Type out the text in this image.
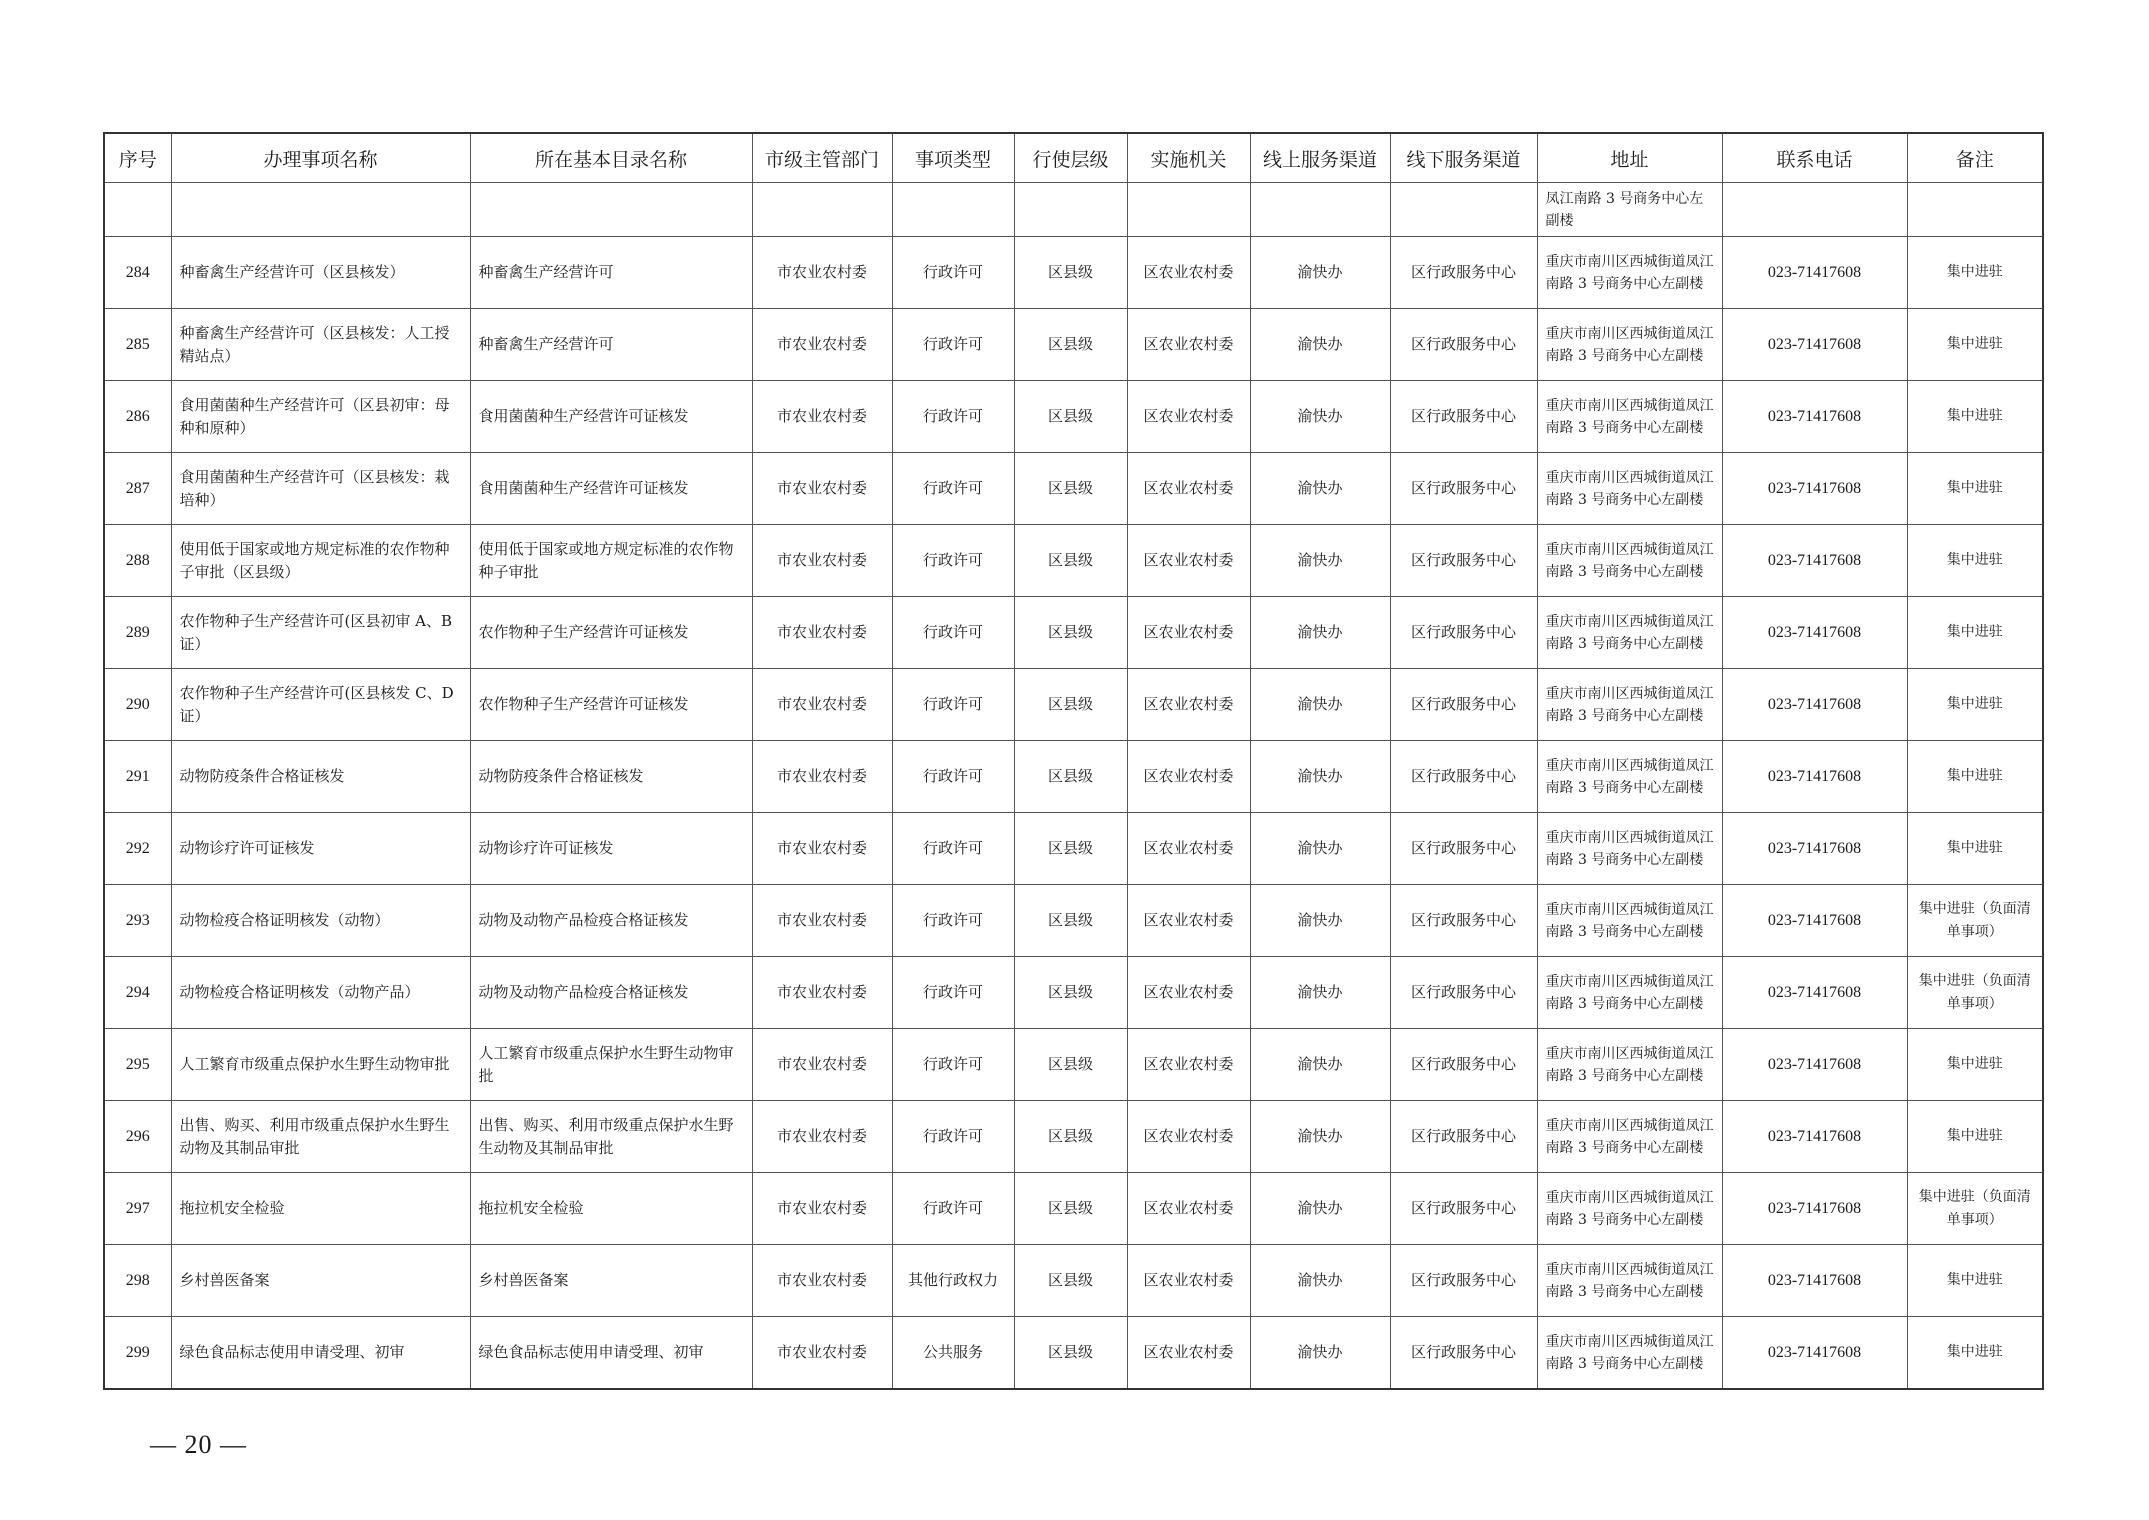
序号	办理事项名称	所在基本目录名称	市级主管部门	事项类型	行使层级	实施机关	线上服务渠道	线下服务渠道	地址	联系电话	备注
									凤江南路 3 号商务中心左副楼		
284	种畜禽生产经营许可（区县核发）	种畜禽生产经营许可	市农业农村委	行政许可	区县级	区农业农村委	渝快办	区行政服务中心	重庆市南川区西城街道凤江南路 3 号商务中心左副楼	023-71417608	集中进驻
285	种畜禽生产经营许可（区县核发：人工授精站点）	种畜禽生产经营许可	市农业农村委	行政许可	区县级	区农业农村委	渝快办	区行政服务中心	重庆市南川区西城街道凤江南路 3 号商务中心左副楼	023-71417608	集中进驻
286	食用菌菌种生产经营许可（区县初审：母种和原种）	食用菌菌种生产经营许可证核发	市农业农村委	行政许可	区县级	区农业农村委	渝快办	区行政服务中心	重庆市南川区西城街道凤江南路 3 号商务中心左副楼	023-71417608	集中进驻
287	食用菌菌种生产经营许可（区县核发：栽培种）	食用菌菌种生产经营许可证核发	市农业农村委	行政许可	区县级	区农业农村委	渝快办	区行政服务中心	重庆市南川区西城街道凤江南路 3 号商务中心左副楼	023-71417608	集中进驻
288	使用低于国家或地方规定标准的农作物种子审批（区县级）	使用低于国家或地方规定标准的农作物种子审批	市农业农村委	行政许可	区县级	区农业农村委	渝快办	区行政服务中心	重庆市南川区西城街道凤江南路 3 号商务中心左副楼	023-71417608	集中进驻
289	农作物种子生产经营许可(区县初审 A、B 证）	农作物种子生产经营许可证核发	市农业农村委	行政许可	区县级	区农业农村委	渝快办	区行政服务中心	重庆市南川区西城街道凤江南路 3 号商务中心左副楼	023-71417608	集中进驻
290	农作物种子生产经营许可(区县核发 C、D 证）	农作物种子生产经营许可证核发	市农业农村委	行政许可	区县级	区农业农村委	渝快办	区行政服务中心	重庆市南川区西城街道凤江南路 3 号商务中心左副楼	023-71417608	集中进驻
291	动物防疫条件合格证核发	动物防疫条件合格证核发	市农业农村委	行政许可	区县级	区农业农村委	渝快办	区行政服务中心	重庆市南川区西城街道凤江南路 3 号商务中心左副楼	023-71417608	集中进驻
292	动物诊疗许可证核发	动物诊疗许可证核发	市农业农村委	行政许可	区县级	区农业农村委	渝快办	区行政服务中心	重庆市南川区西城街道凤江南路 3 号商务中心左副楼	023-71417608	集中进驻
293	动物检疫合格证明核发（动物）	动物及动物产品检疫合格证核发	市农业农村委	行政许可	区县级	区农业农村委	渝快办	区行政服务中心	重庆市南川区西城街道凤江南路 3 号商务中心左副楼	023-71417608	集中进驻（负面清单事项）
294	动物检疫合格证明核发（动物产品）	动物及动物产品检疫合格证核发	市农业农村委	行政许可	区县级	区农业农村委	渝快办	区行政服务中心	重庆市南川区西城街道凤江南路 3 号商务中心左副楼	023-71417608	集中进驻（负面清单事项）
295	人工繁育市级重点保护水生野生动物审批	人工繁育市级重点保护水生野生动物审批	市农业农村委	行政许可	区县级	区农业农村委	渝快办	区行政服务中心	重庆市南川区西城街道凤江南路 3 号商务中心左副楼	023-71417608	集中进驻
296	出售、购买、利用市级重点保护水生野生动物及其制品审批	出售、购买、利用市级重点保护水生野生动物及其制品审批	市农业农村委	行政许可	区县级	区农业农村委	渝快办	区行政服务中心	重庆市南川区西城街道凤江南路 3 号商务中心左副楼	023-71417608	集中进驻
297	拖拉机安全检验	拖拉机安全检验	市农业农村委	行政许可	区县级	区农业农村委	渝快办	区行政服务中心	重庆市南川区西城街道凤江南路 3 号商务中心左副楼	023-71417608	集中进驻（负面清单事项）
298	乡村兽医备案	乡村兽医备案	市农业农村委	其他行政权力	区县级	区农业农村委	渝快办	区行政服务中心	重庆市南川区西城街道凤江南路 3 号商务中心左副楼	023-71417608	集中进驻
299	绿色食品标志使用申请受理、初审	绿色食品标志使用申请受理、初审	市农业农村委	公共服务	区县级	区农业农村委	渝快办	区行政服务中心	重庆市南川区西城街道凤江南路 3 号商务中心左副楼	023-71417608	集中进驻
— 20 —
